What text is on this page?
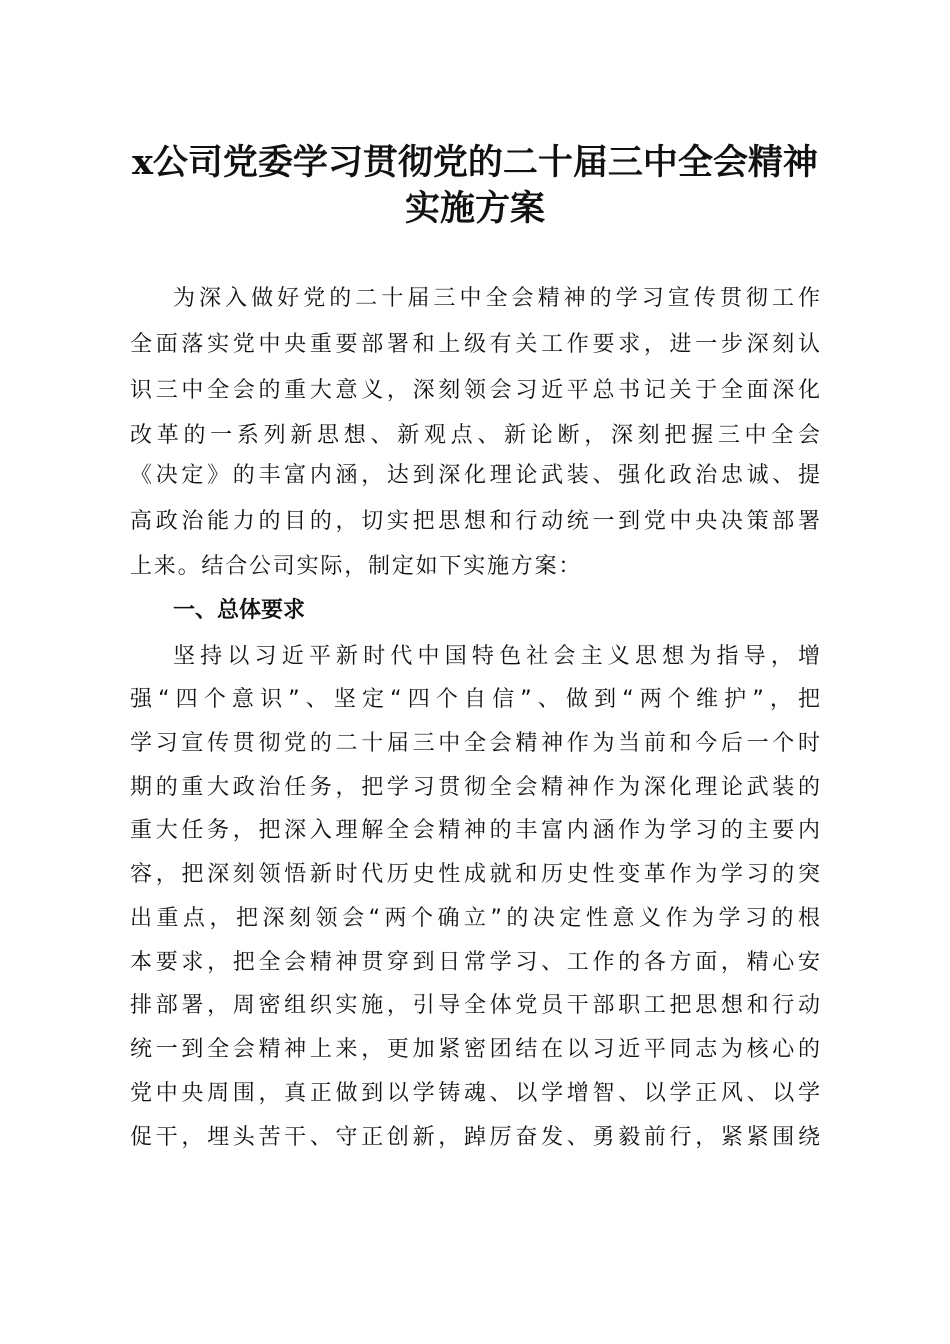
x公司党委学习贯彻党的二十届三中全会精神
实施方案
为深入做好党的二十届三中全会精神的学习宣传贯彻工作
全面落实党中央重要部署和上级有关工作要求，进一步深刻认
识三中全会的重大意义，深刻领会习近平总书记关于全面深化
改革的一系列新思想、新观点、新论断，深刻把握三中全会
《决定》的丰富内涵，达到深化理论武装、强化政治忠诚、提
高政治能力的目的，切实把思想和行动统一到党中央决策部署
上来。结合公司实际，制定如下实施方案：
一、总体要求
坚持以习近平新时代中国特色社会主义思想为指导，增
强“四个意识”、坚定“四个自信”、做到“两个维护”，把
学习宣传贯彻党的二十届三中全会精神作为当前和今后一个时
期的重大政治任务，把学习贯彻全会精神作为深化理论武装的
重大任务，把深入理解全会精神的丰富内涵作为学习的主要内
容，把深刻领悟新时代历史性成就和历史性变革作为学习的突
出重点，把深刻领会“两个确立”的决定性意义作为学习的根
本要求，把全会精神贯穿到日常学习、工作的各方面，精心安
排部署，周密组织实施，引导全体党员干部职工把思想和行动
统一到全会精神上来，更加紧密团结在以习近平同志为核心的
党中央周围，真正做到以学铸魂、以学增智、以学正风、以学
促干，埋头苦干、守正创新，踔厉奋发、勇毅前行，紧紧围绕
